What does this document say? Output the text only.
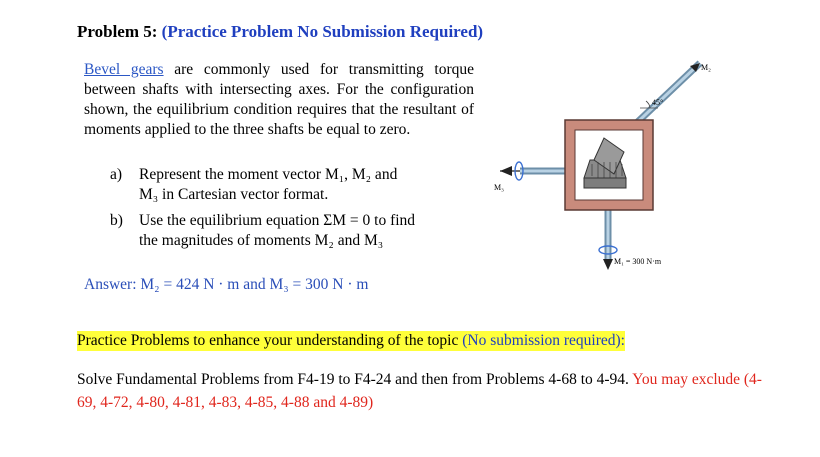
Problem 5: (Practice Problem No Submission Required)
Bevel gears are commonly used for transmitting torque between shafts with intersecting axes. For the configuration shown, the equilibrium condition requires that the resultant of moments applied to the three shafts be equal to zero.
a) Represent the moment vector M₁, M₂ and
M₃ in Cartesian vector format.
b) Use the equilibrium equation ΣM = 0 to find
the magnitudes of moments M₂ and M₃
Answer: M₂ = 424 N · m and M₃ = 300 N · m
45°
M₂
M₃
M₁ = 300 N·m
Practice Problems to enhance your understanding of the topic (No submission required):
Solve Fundamental Problems from F4-19 to F4-24 and then from Problems 4-68 to 4-94. You may exclude (4-69, 4-72, 4-80, 4-81, 4-83, 4-85, 4-88 and 4-89)
